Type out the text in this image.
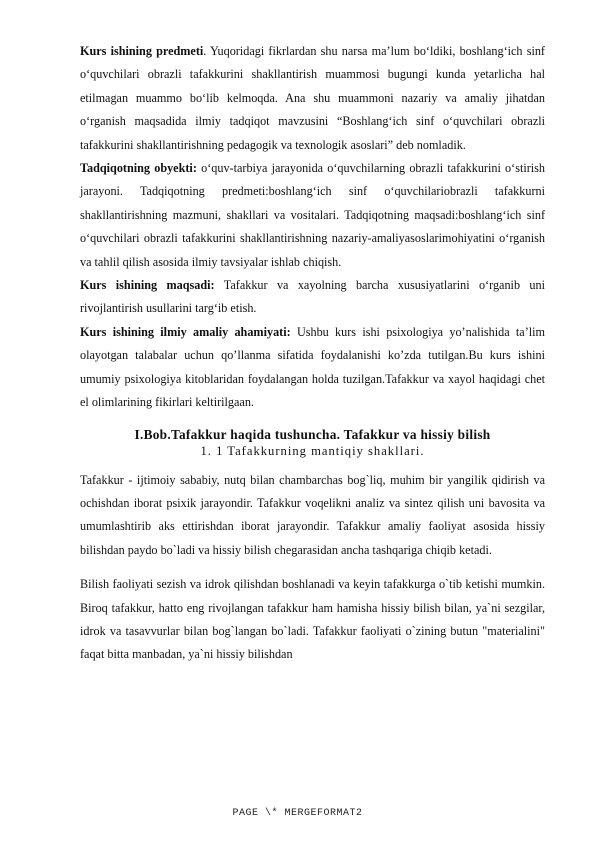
Kurs ishining predmeti. Yuqoridagi fikrlardan shu narsa ma’lum bo‘ldiki, boshlang‘ich sinf o‘quvchilari obrazli tafakkurini shakllantirish muammosi bugungi kunda yetarlicha hal etilmagan muammo bo‘lib kelmoqda. Ana shu muammoni nazariy va amaliy jihatdan o‘rganish maqsadida ilmiy tadqiqot mavzusini “Boshlang‘ich sinf o‘quvchilari obrazli tafakkurini shakllantirishning pedagogik va texnologik asoslari” deb nomladik.

Tadqiqotning obyekti: o‘quv-tarbiya jarayonida o‘quvchilarning obrazli tafakkurini o‘stirish jarayoni. Tadqiqotning predmeti:boshlang‘ich sinf o‘quvchilariobrazli tafakkurni shakllantirishning mazmuni, shakllari va vositalari. Tadqiqotning maqsadi:boshlang‘ich sinf o‘quvchilari obrazli tafakkurini shakllantirishning nazariy-amaliyasoslarimohiyatini o‘rganish va tahlil qilish asosida ilmiy tavsiyalar ishlab chiqish.

Kurs ishining maqsadi: Tafakkur va xayolning barcha xususiyatlarini o‘rganib uni rivojlantirish usullarini targ‘ib etish.

Kurs ishining ilmiy amaliy ahamiyati: Ushbu kurs ishi psixologiya yo’nalishida ta’lim olayotgan talabalar uchun qo’llanma sifatida foydalanishi ko’zda tutilgan.Bu kurs ishini umumiy psixologiya kitoblaridan foydalangan holda tuzilgan.Tafakkur va xayol haqidagi chet el olimlarining fikirlari keltirilgaan.

I.Bob.Tafakkur haqida tushuncha. Tafakkur va hissiy bilish
1. 1 Tafakkurning mantiqiy shakllari.

Tafakkur - ijtimoiy sababiy, nutq bilan chambarchas bog`liq, muhim bir yangilik qidirish va ochishdan iborat psixik jarayondir. Tafakkur voqelikni analiz va sintez qilish uni bavosita va umumlashtirib aks ettirishdan iborat jarayondir. Tafakkur amaliy faoliyat asosida hissiy bilishdan paydo bo`ladi va hissiy bilish chegarasidan ancha tashqariga chiqib ketadi.

Bilish faoliyati sezish va idrok qilishdan boshlanadi va keyin tafakkurga o`tib ketishi mumkin. Biroq tafakkur, hatto eng rivojlangan tafakkur ham hamisha hissiy bilish bilan, ya`ni sezgilar, idrok va tasavvurlar bilan bog`langan bo`ladi. Tafakkur faoliyati o`zining butun "materialini" faqat bitta manbadan, ya`ni hissiy bilishdan

PAGE \* MERGEFORMAT2
